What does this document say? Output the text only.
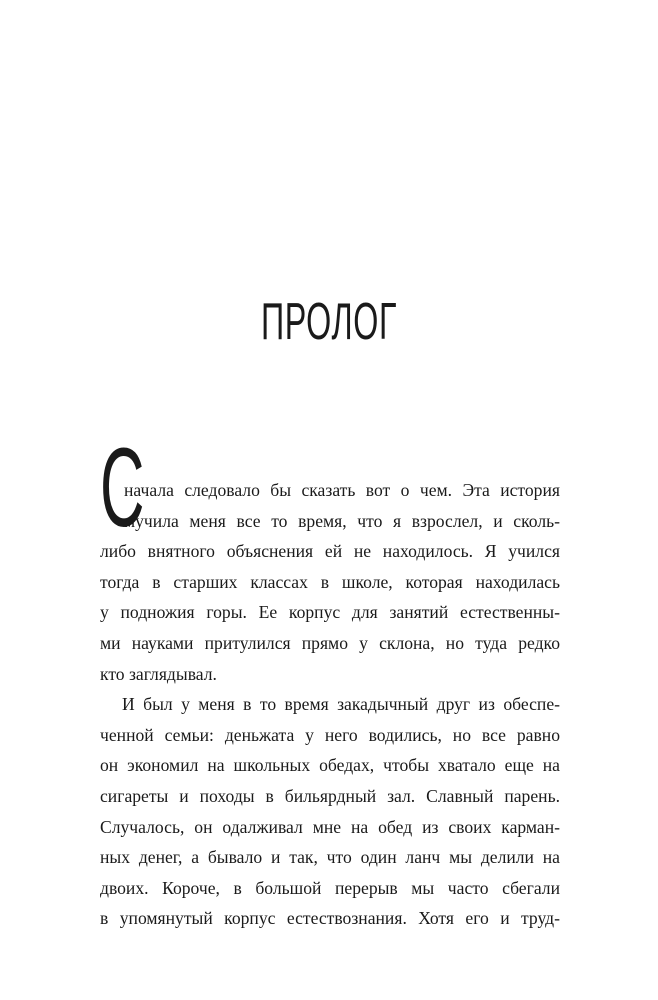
ПРОЛОГ
С
начала следовало бы сказать вот о чем. Эта история
мучила меня все то время, что я взрослел, и сколь-
либо внятного объяснения ей не находилось. Я учился
тогда в старших классах в школе, которая находилась
у подножия горы. Ее корпус для занятий естественны-
ми науками притулился прямо у склона, но туда редко
кто заглядывал.
И был у меня в то время закадычный друг из обеспе-
ченной семьи: деньжата у него водились, но все равно
он экономил на школьных обедах, чтобы хватало еще на
сигареты и походы в бильярдный зал. Славный парень.
Случалось, он одалживал мне на обед из своих карман-
ных денег, а бывало и так, что один ланч мы делили на
двоих. Короче, в большой перерыв мы часто сбегали
в упомянутый корпус естествознания. Хотя его и труд-
